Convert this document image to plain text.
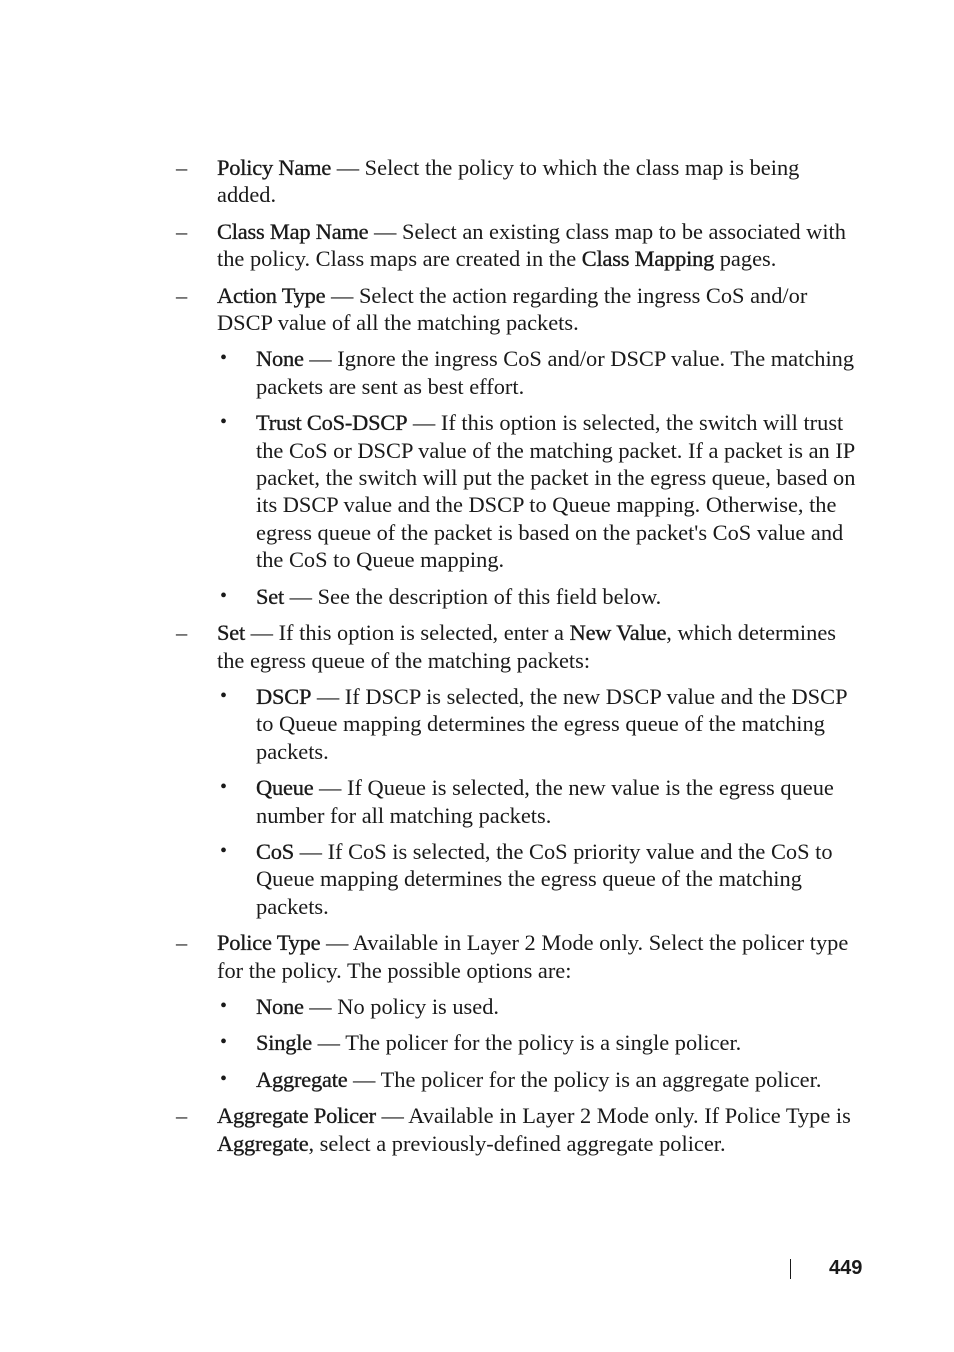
– Policy Name — Select the policy to which the class map is being added.
– Class Map Name — Select an existing class map to be associated with the policy. Class maps are created in the Class Mapping pages.
– Action Type — Select the action regarding the ingress CoS and/or DSCP value of all the matching packets.
• None — Ignore the ingress CoS and/or DSCP value. The matching packets are sent as best effort.
• Trust CoS-DSCP — If this option is selected, the switch will trust the CoS or DSCP value of the matching packet. If a packet is an IP packet, the switch will put the packet in the egress queue, based on its DSCP value and the DSCP to Queue mapping. Otherwise, the egress queue of the packet is based on the packet's CoS value and the CoS to Queue mapping.
• Set — See the description of this field below.
– Set — If this option is selected, enter a New Value, which determines the egress queue of the matching packets:
• DSCP — If DSCP is selected, the new DSCP value and the DSCP to Queue mapping determines the egress queue of the matching packets.
• Queue — If Queue is selected, the new value is the egress queue number for all matching packets.
• CoS — If CoS is selected, the CoS priority value and the CoS to Queue mapping determines the egress queue of the matching packets.
– Police Type — Available in Layer 2 Mode only. Select the policer type for the policy. The possible options are:
• None — No policy is used.
• Single — The policer for the policy is a single policer.
• Aggregate — The policer for the policy is an aggregate policer.
– Aggregate Policer — Available in Layer 2 Mode only. If Police Type is Aggregate, select a previously-defined aggregate policer.
449
